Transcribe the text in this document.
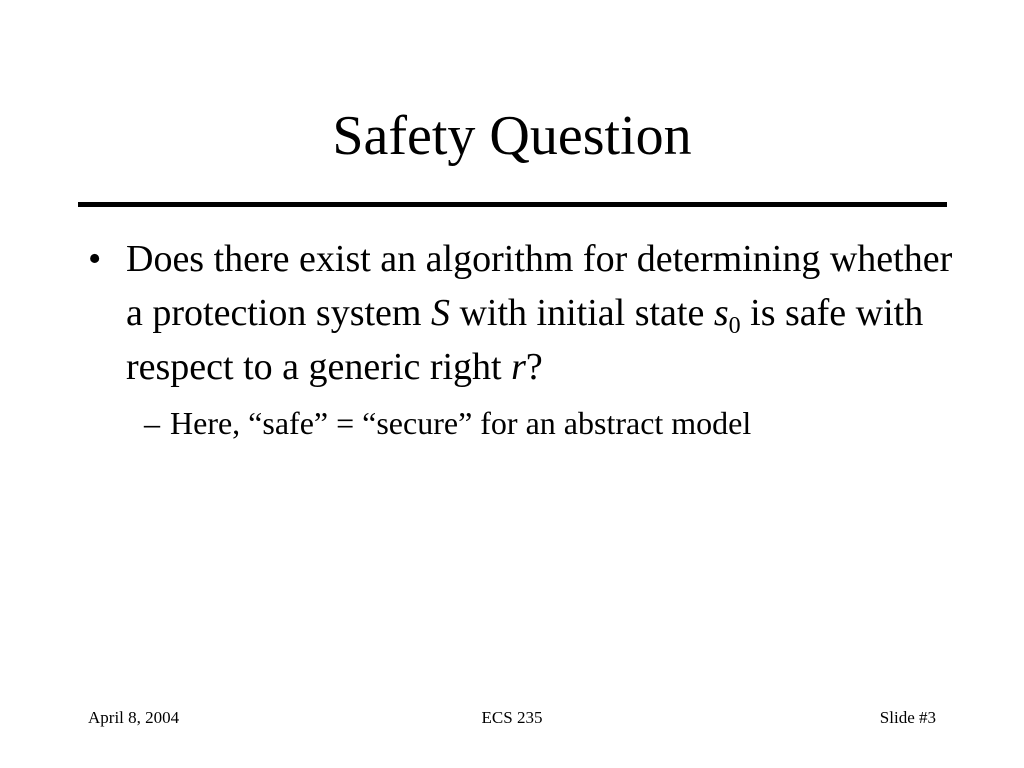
Safety Question
• Does there exist an algorithm for determining whether a protection system S with initial state $s_0$ is safe with respect to a generic right r?
– Here, “safe” = “secure” for an abstract model
April 8, 2004	ECS 235	Slide #3
